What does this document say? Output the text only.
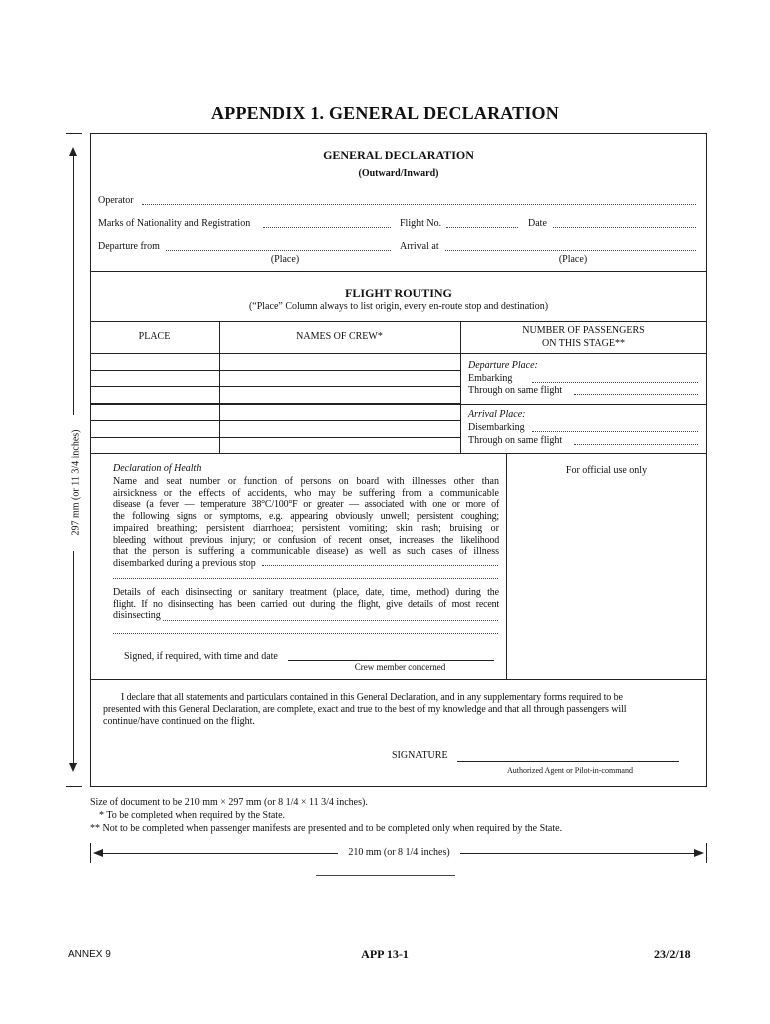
APPENDIX 1. GENERAL DECLARATION
297 mm (or 11 3/4 inches)
GENERAL DECLARATION
(Outward/Inward)
Operator
Marks of Nationality and Registration	Flight No.	Date
Departure from	Arrival at
(Place)	(Place)
FLIGHT ROUTING
(“Place” Column always to list origin, every en-route stop and destination)
PLACE	NAMES OF CREW*
NUMBER OF PASSENGERS
ON THIS STAGE**
Departure Place:
Embarking
Through on same flight
Arrival Place:
Disembarking
Through on same flight
For official use only
Declaration of Health
Name and seat number or function of persons on board with illnesses other than
airsickness or the effects of accidents, who may be suffering from a communicable
disease (a fever — temperature 38°C/100°F or greater — associated with one or more of
the following signs or symptoms, e.g. appearing obviously unwell; persistent coughing;
impaired breathing; persistent diarrhoea; persistent vomiting; skin rash; bruising or
bleeding without previous injury; or confusion of recent onset, increases the likelihood
that the person is suffering a communicable disease) as well as such cases of illness
disembarked during a previous stop
Details of each disinsecting or sanitary treatment (place, date, time, method) during the
flight. If no disinsecting has been carried out during the flight, give details of most recent
disinsecting
Signed, if required, with time and date
Crew member concerned
I declare that all statements and particulars contained in this General Declaration, and in any supplementary forms required to be
presented with this General Declaration, are complete, exact and true to the best of my knowledge and that all through passengers will
continue/have continued on the flight.
SIGNATURE
Authorized Agent or Pilot-in-command
Size of document to be 210 mm × 297 mm (or 8 1/4 × 11 3/4 inches).
* To be completed when required by the State.
** Not to be completed when passenger manifests are presented and to be completed only when required by the State.
210 mm (or 8 1/4 inches)
ANNEX 9	APP 13-1	23/2/18
